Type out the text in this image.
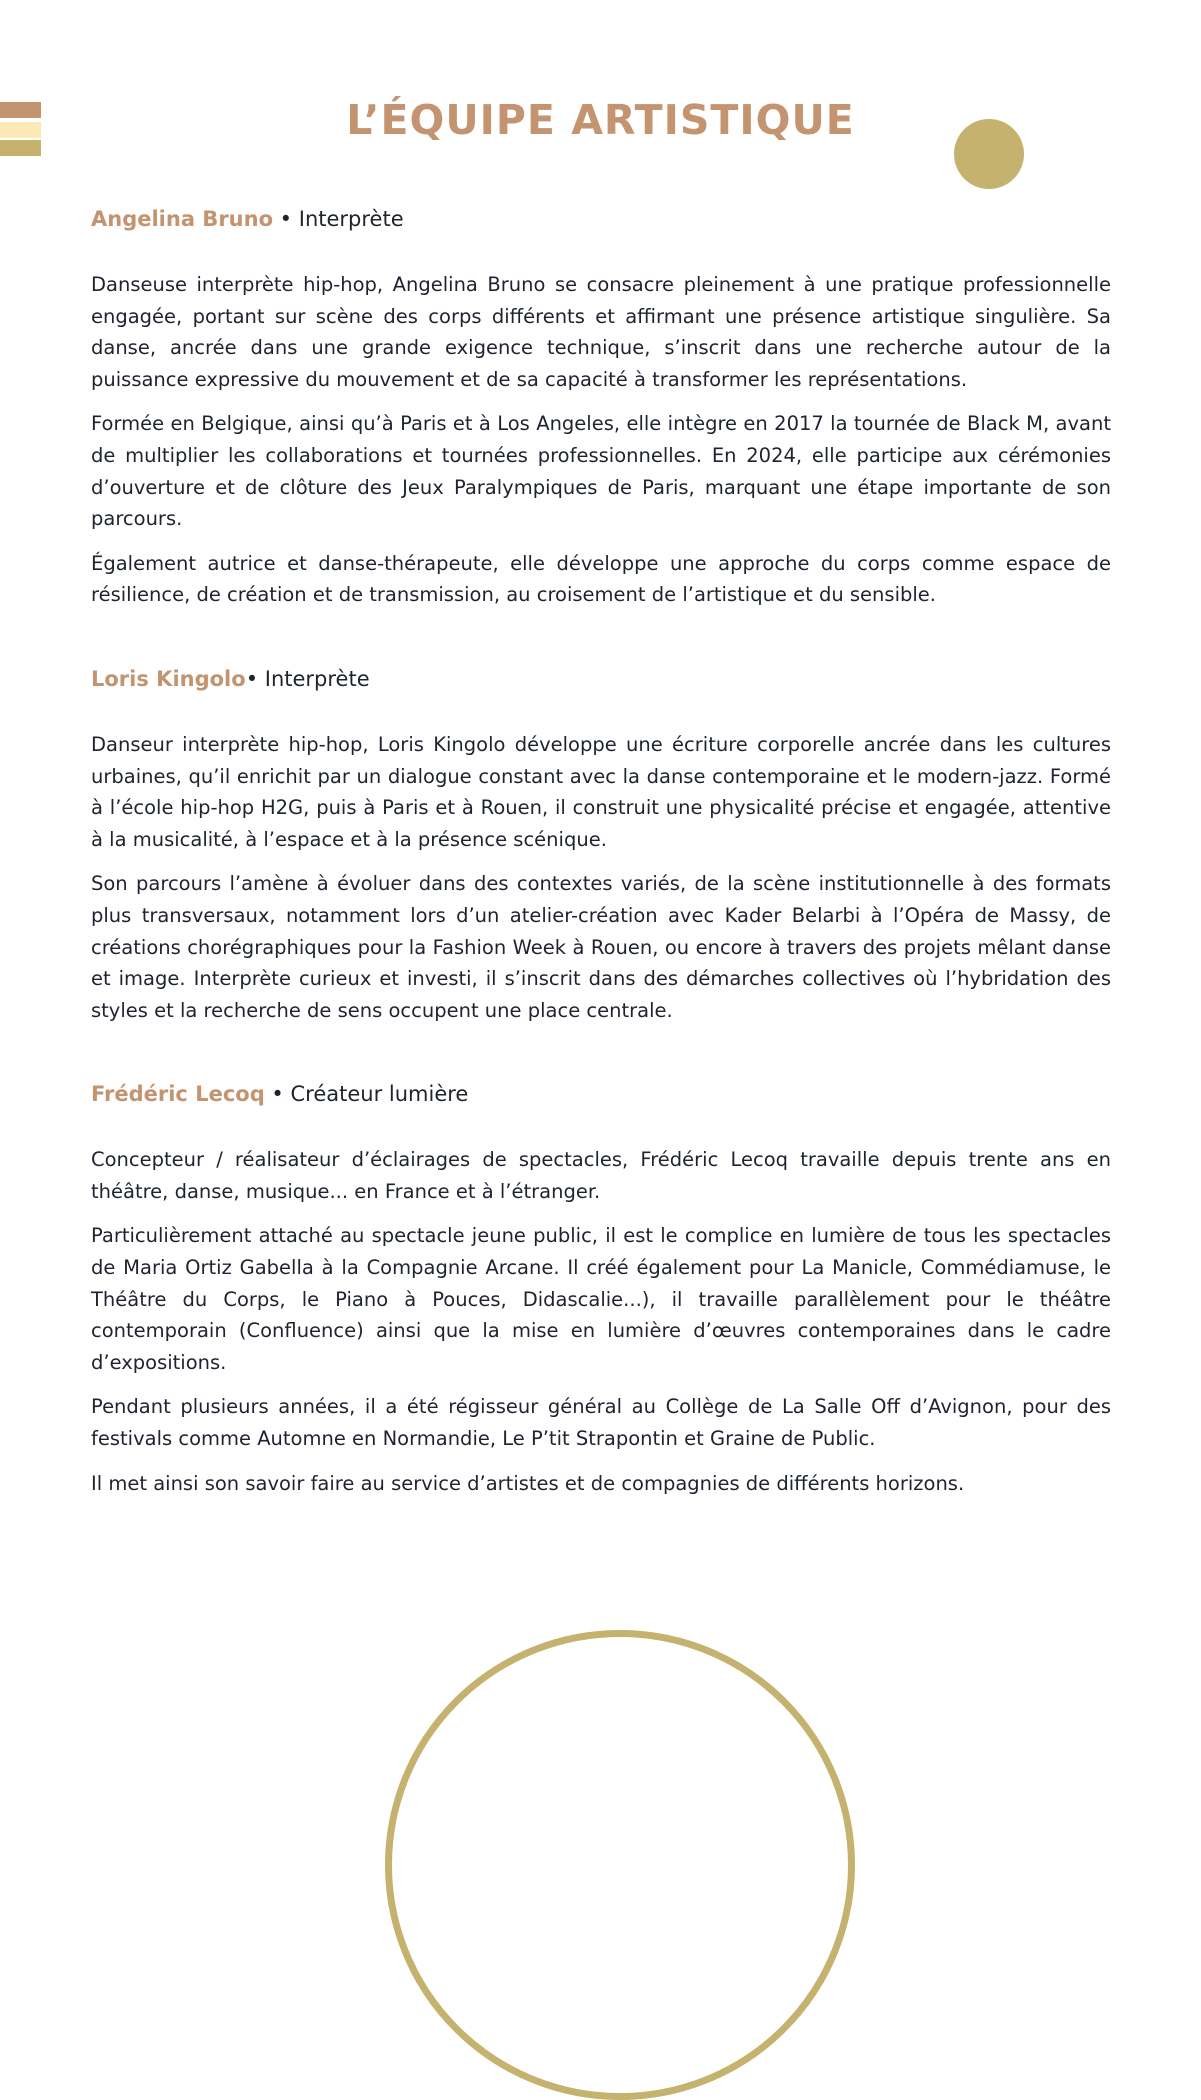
L’ÉQUIPE ARTISTIQUE
Angelina Bruno • Interprète

Danseuse interprète hip-hop, Angelina Bruno se consacre pleinement à une pratique professionnelle engagée, portant sur scène des corps différents et affirmant une présence artistique singulière. Sa danse, ancrée dans une grande exigence technique, s’inscrit dans une recherche autour de la puissance expressive du mouvement et de sa capacité à transformer les représentations.

Formée en Belgique, ainsi qu’à Paris et à Los Angeles, elle intègre en 2017 la tournée de Black M, avant de multiplier les collaborations et tournées professionnelles. En 2024, elle participe aux cérémonies d’ouverture et de clôture des Jeux Paralympiques de Paris, marquant une étape importante de son parcours.

Également autrice et danse-thérapeute, elle développe une approche du corps comme espace de résilience, de création et de transmission, au croisement de l’artistique et du sensible.

Loris Kingolo• Interprète

Danseur interprète hip-hop, Loris Kingolo développe une écriture corporelle ancrée dans les cultures urbaines, qu’il enrichit par un dialogue constant avec la danse contemporaine et le modern-jazz. Formé à l’école hip-hop H2G, puis à Paris et à Rouen, il construit une physicalité précise et engagée, attentive à la musicalité, à l’espace et à la présence scénique.

Son parcours l’amène à évoluer dans des contextes variés, de la scène institutionnelle à des formats plus transversaux, notamment lors d’un atelier-création avec Kader Belarbi à l’Opéra de Massy, de créations chorégraphiques pour la Fashion Week à Rouen, ou encore à travers des projets mêlant danse et image. Interprète curieux et investi, il s’inscrit dans des démarches collectives où l’hybridation des styles et la recherche de sens occupent une place centrale.

Frédéric Lecoq • Créateur lumière

Concepteur / réalisateur d’éclairages de spectacles, Frédéric Lecoq travaille depuis trente ans en théâtre, danse, musique... en France et à l’étranger.

Particulièrement attaché au spectacle jeune public, il est le complice en lumière de tous les spectacles de Maria Ortiz Gabella à la Compagnie Arcane. Il créé également pour La Manicle, Commédiamuse, le Théâtre du Corps, le Piano à Pouces, Didascalie...), il travaille parallèlement pour le théâtre contemporain (Confluence) ainsi que la mise en lumière d’œuvres contemporaines dans le cadre d’expositions.

Pendant plusieurs années, il a été régisseur général au Collège de La Salle Off d’Avignon, pour des festivals comme Automne en Normandie, Le P’tit Strapontin et Graine de Public.

Il met ainsi son savoir faire au service d’artistes et de compagnies de différents horizons.
